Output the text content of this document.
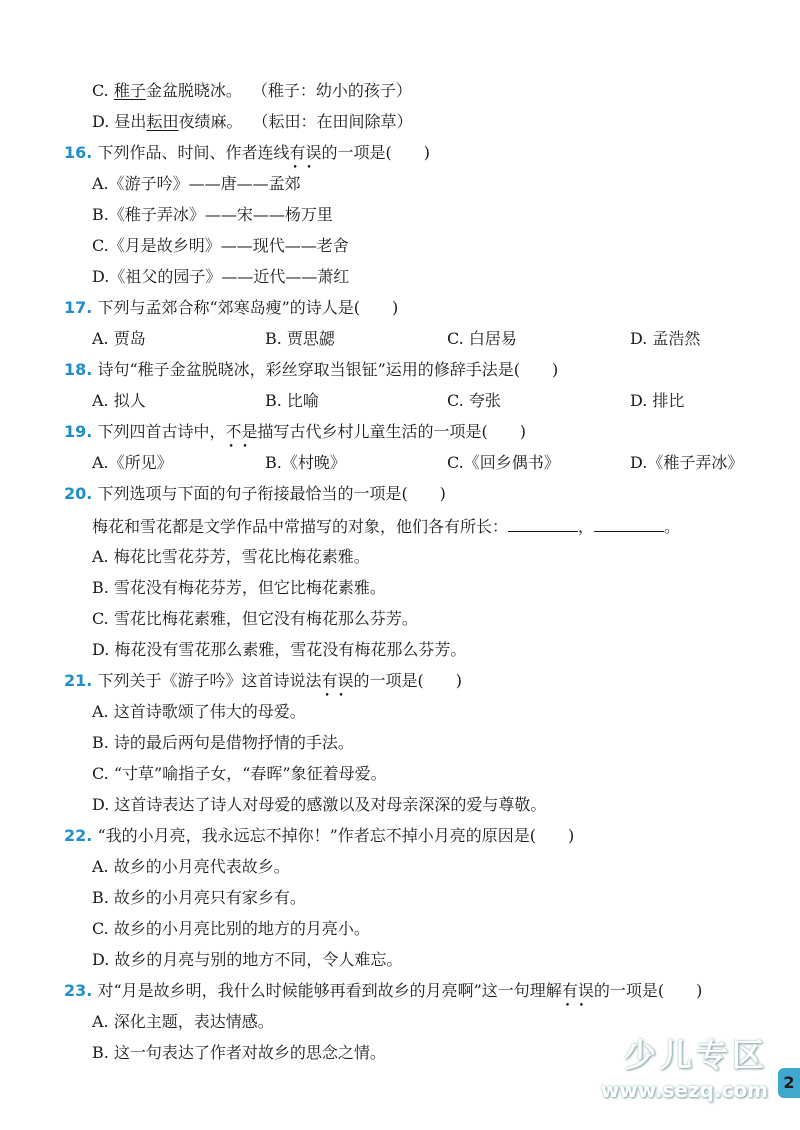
C. 稚子金盆脱晓冰。 （稚子：幼小的孩子）
D. 昼出耘田夜绩麻。 （耘田：在田间除草）
16. 下列作品、时间、作者连线有误 •   •的一项是(　　)
A.《游子吟》——唐——孟郊
B.《稚子弄冰》——宋——杨万里
C.《月是故乡明》——现代——老舍
D.《祖父的园子》——近代——萧红
17. 下列与孟郊合称“郊寒岛瘦”的诗人是(　　)
A. 贾岛	B. 贾思勰	C. 白居易	D. 孟浩然
18. 诗句“稚子金盆脱晓冰，彩丝穿取当银钲”运用的修辞手法是(　　)
A. 拟人	B. 比喻	C. 夸张	D. 排比
19. 下列四首古诗中，不是 •   •描写古代乡村儿童生活的一项是(　　)
A.《所见》	B.《村晚》	C.《回乡偶书》	D.《稚子弄冰》
20. 下列选项与下面的句子衔接最恰当的一项是(　　)
梅花和雪花都是文学作品中常描写的对象，他们各有所长：	，	。
A. 梅花比雪花芬芳，雪花比梅花素雅。
B. 雪花没有梅花芬芳，但它比梅花素雅。
C. 雪花比梅花素雅，但它没有梅花那么芬芳。
D. 梅花没有雪花那么素雅，雪花没有梅花那么芬芳。
21. 下列关于《游子吟》这首诗说法有误 •   •的一项是(　　)
A. 这首诗歌颂了伟大的母爱。
B. 诗的最后两句是借物抒情的手法。
C. “寸草”喻指子女，“春晖”象征着母爱。
D. 这首诗表达了诗人对母爱的感激以及对母亲深深的爱与尊敬。
22. “我的小月亮，我永远忘不掉你！”作者忘不掉小月亮的原因是(　　)
A. 故乡的小月亮代表故乡。
B. 故乡的小月亮只有家乡有。
C. 故乡的小月亮比别的地方的月亮小。
D. 故乡的月亮与别的地方不同，令人难忘。
23. 对“月是故乡明，我什么时候能够再看到故乡的月亮啊”这一句理解有误 •   •的一项是(　　)
A. 深化主题，表达情感。
B. 这一句表达了作者对故乡的思念之情。	少儿专区
www.sezq.com 2
